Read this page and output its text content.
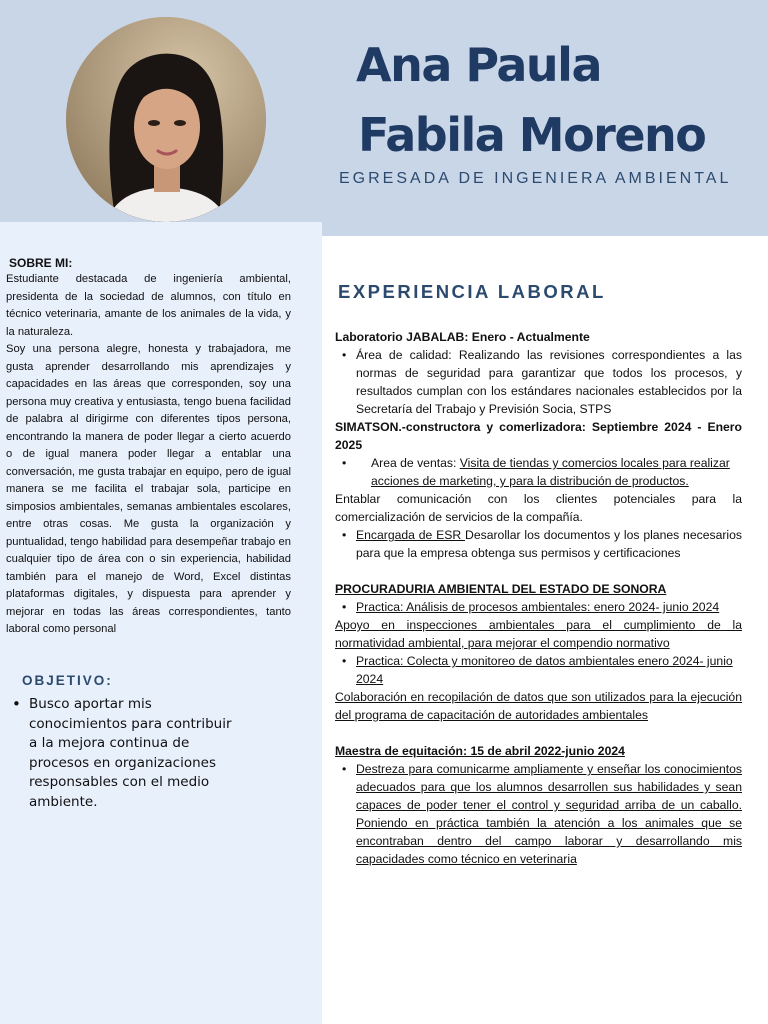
Ana Paula
Fabila Moreno
EGRESADA DE INGENIERA AMBIENTAL
SOBRE MI:

Estudiante destacada de ingeniería ambiental, presidenta de la sociedad de alumnos, con título en técnico veterinaria, amante de los animales de la vida, y la naturaleza.

Soy una persona alegre, honesta y trabajadora, me gusta aprender desarrollando mis aprendizajes y capacidades en las áreas que corresponden, soy una persona muy creativa y entusiasta, tengo buena facilidad de palabra al dirigirme con diferentes tipos persona, encontrando la manera de poder llegar a cierto acuerdo o de igual manera poder llegar a entablar una conversación, me gusta trabajar en equipo, pero de igual manera se me facilita el trabajar sola, participe en simposios ambientales, semanas ambientales escolares, entre otras cosas. Me gusta la organización y puntualidad, tengo habilidad para desempeñar trabajo en cualquier tipo de área con o sin experiencia, habilidad también para el manejo de Word, Excel distintas plataformas digitales, y dispuesta para aprender y mejorar en todas las áreas correspondientes, tanto laboral como personal

OBJETIVO:
• Busco aportar mis conocimientos para contribuir a la mejora continua de procesos en organizaciones responsables con el medio ambiente.
EXPERIENCIA LABORAL
Laboratorio JABALAB: Enero - Actualmente
• Área de calidad: Realizando las revisiones correspondientes a las normas de seguridad para garantizar que todos los procesos, y resultados cumplan con los estándares nacionales establecidos por la Secretaría del Trabajo y Previsión Socia, STPS
SIMATSON.-constructora y comerlizadora: Septiembre 2024 - Enero 2025
• Area de ventas: Visita de tiendas y comercios locales para realizar acciones de marketing, y para la distribución de productos.
Entablar comunicación con los clientes potenciales para la comercialización de servicios de la compañía.
• Encargada de ESR Desarollar los documentos y los planes necesarios para que la empresa obtenga sus permisos y certificaciones
PROCURADURIA AMBIENTAL DEL ESTADO DE SONORA
• Practica: Análisis de procesos ambientales: enero 2024- junio 2024
Apoyo en inspecciones ambientales para el cumplimiento de la normatividad ambiental, para mejorar el compendio normativo
• Practica: Colecta y monitoreo de datos ambientales enero 2024- junio 2024
Colaboración en recopilación de datos que son utilizados para la ejecución del programa de capacitación de autoridades ambientales
Maestra de equitación: 15 de abril 2022-junio 2024
• Destreza para comunicarme ampliamente y enseñar los conocimientos adecuados para que los alumnos desarrollen sus habilidades y sean capaces de poder tener el control y seguridad arriba de un caballo. Poniendo en práctica también la atención a los animales que se encontraban dentro del campo laborar y desarrollando mis capacidades como técnico en veterinaria
